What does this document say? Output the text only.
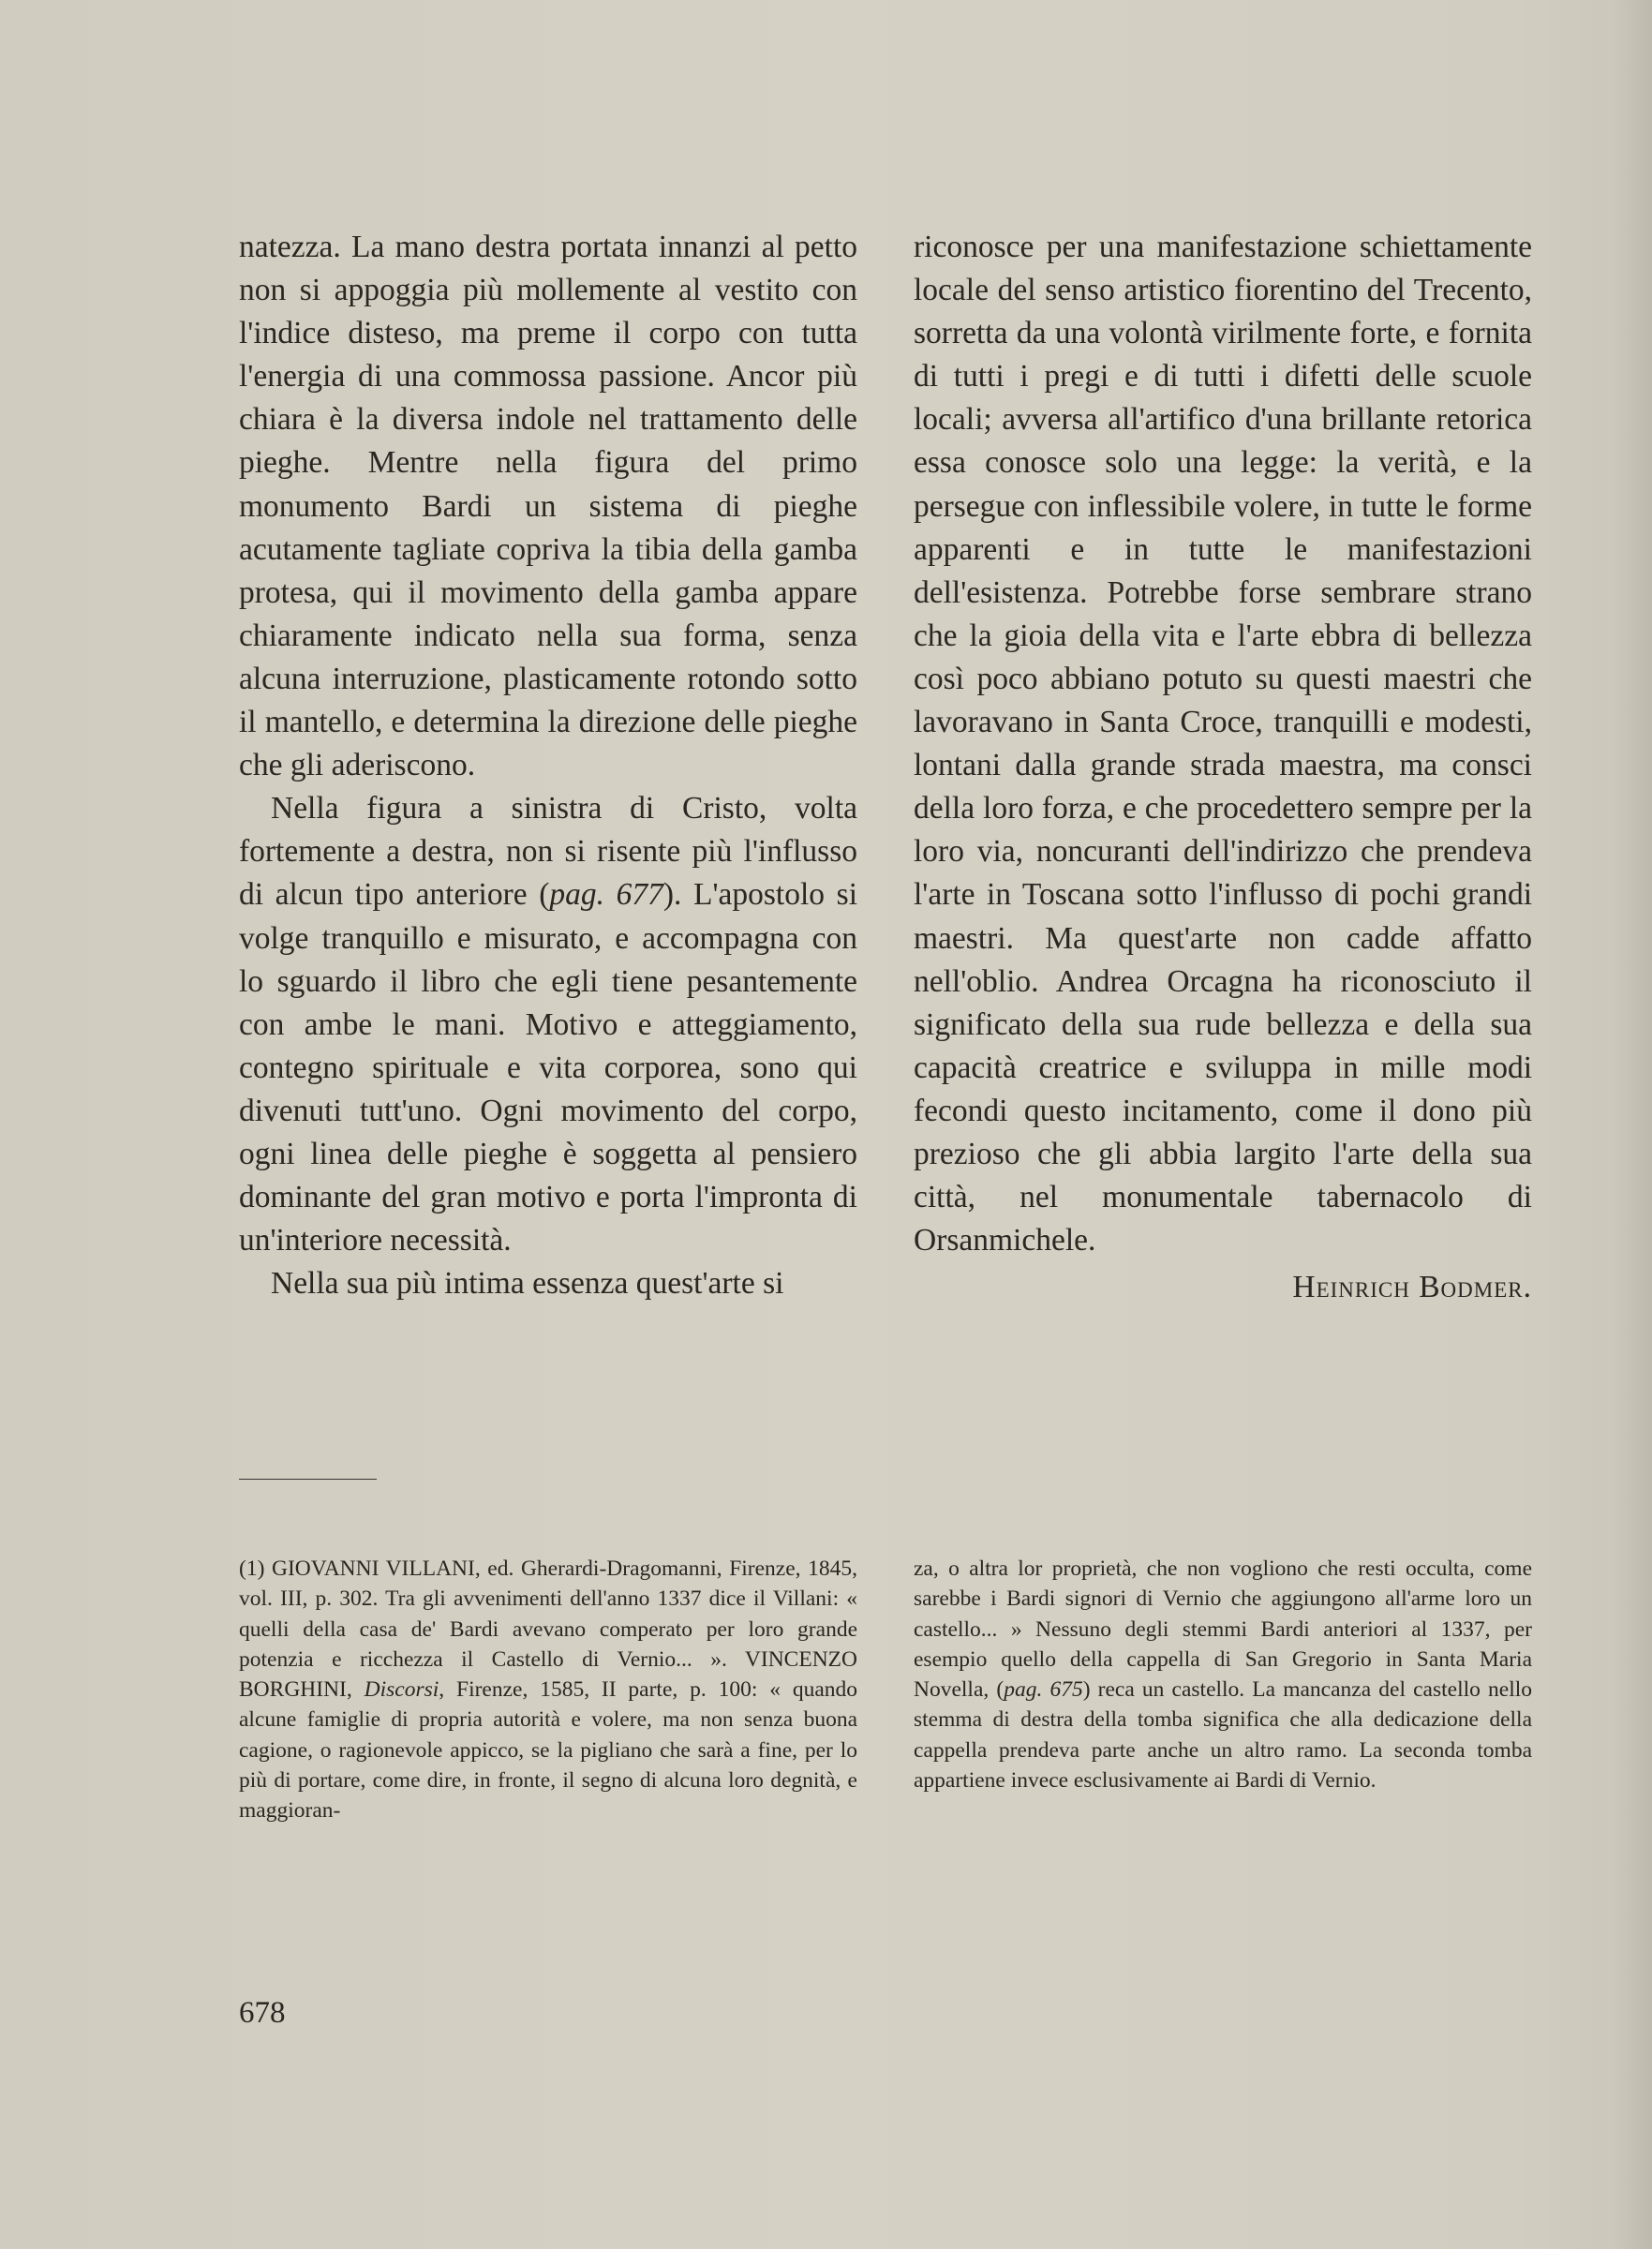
natezza. La mano destra portata innanzi al petto non si appoggia più mollemente al vestito con l'indice disteso, ma preme il corpo con tutta l'energia di una commossa passione. Ancor più chiara è la diversa indole nel trattamento delle pieghe. Mentre nella figura del primo monumento Bardi un sistema di pieghe acutamente tagliate copriva la tibia della gamba protesa, qui il movimento della gamba appare chiaramente indicato nella sua forma, senza alcuna interruzione, plasticamente rotondo sotto il mantello, e determina la direzione delle pieghe che gli aderiscono.

Nella figura a sinistra di Cristo, volta fortemente a destra, non si risente più l'influsso di alcun tipo anteriore (pag. 677). L'apostolo si volge tranquillo e misurato, e accompagna con lo sguardo il libro che egli tiene pesantemente con ambe le mani. Motivo e atteggiamento, contegno spirituale e vita corporea, sono qui divenuti tutt'uno. Ogni movimento del corpo, ogni linea delle pieghe è soggetta al pensiero dominante del gran motivo e porta l'impronta di un'interiore necessità.

Nella sua più intima essenza quest'arte si

riconosce per una manifestazione schiettamente locale del senso artistico fiorentino del Trecento, sorretta da una volontà virilmente forte, e fornita di tutti i pregi e di tutti i difetti delle scuole locali; avversa all'artifico d'una brillante retorica essa conosce solo una legge: la verità, e la persegue con inflessibile volere, in tutte le forme apparenti e in tutte le manifestazioni dell'esistenza. Potrebbe forse sembrare strano che la gioia della vita e l'arte ebbra di bellezza così poco abbiano potuto su questi maestri che lavoravano in Santa Croce, tranquilli e modesti, lontani dalla grande strada maestra, ma consci della loro forza, e che procedettero sempre per la loro via, noncuranti dell'indirizzo che prendeva l'arte in Toscana sotto l'influsso di pochi grandi maestri. Ma quest'arte non cadde affatto nell'oblio. Andrea Orcagna ha riconosciuto il significato della sua rude bellezza e della sua capacità creatrice e sviluppa in mille modi fecondi questo incitamento, come il dono più prezioso che gli abbia largito l'arte della sua città, nel monumentale tabernacolo di Orsanmichele.

Heinrich Bodmer.

(1) GIOVANNI VILLANI, ed. Gherardi-Dragomanni, Firenze, 1845, vol. III, p. 302. Tra gli avvenimenti dell'anno 1337 dice il Villani: « quelli della casa de' Bardi avevano comperato per loro grande potenzia e ricchezza il Castello di Vernio... ». VINCENZO BORGHINI, Discorsi, Firenze, 1585, II parte, p. 100: « quando alcune famiglie di propria autorità e volere, ma non senza buona cagione, o ragionevole appicco, se la pigliano che sarà a fine, per lo più di portare, come dire, in fronte, il segno di alcuna loro degnità, e maggioran-

za, o altra lor proprietà, che non vogliono che resti occulta, come sarebbe i Bardi signori di Vernio che aggiungono all'arme loro un castello... » Nessuno degli stemmi Bardi anteriori al 1337, per esempio quello della cappella di San Gregorio in Santa Maria Novella, (pag. 675) reca un castello. La mancanza del castello nello stemma di destra della tomba significa che alla dedicazione della cappella prendeva parte anche un altro ramo. La seconda tomba appartiene invece esclusivamente ai Bardi di Vernio.

678
